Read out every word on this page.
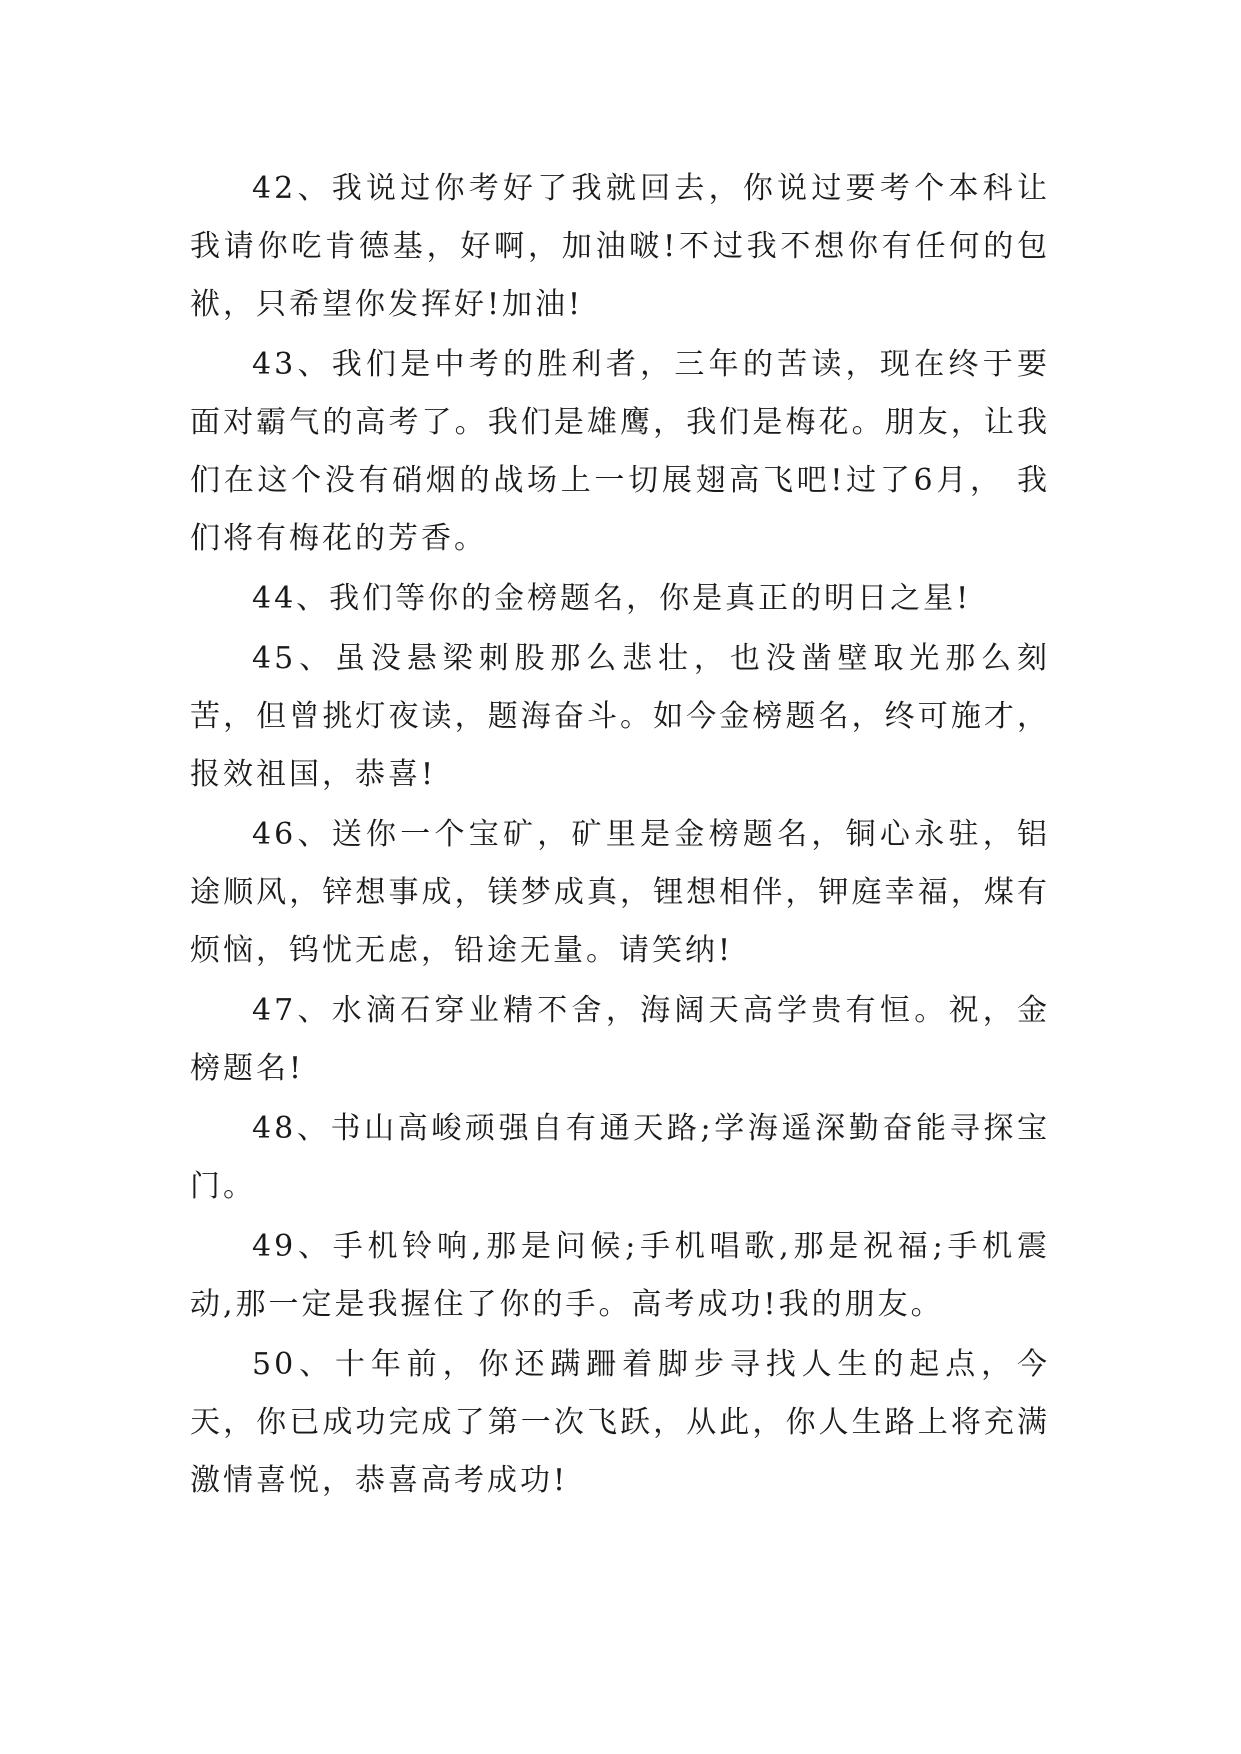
42、我说过你考好了我就回去，你说过要考个本科让我请你吃肯德基，好啊，加油啵!不过我不想你有任何的包袱，只希望你发挥好!加油!

43、我们是中考的胜利者，三年的苦读，现在终于要面对霸气的高考了。我们是雄鹰，我们是梅花。朋友，让我们在这个没有硝烟的战场上一切展翅高飞吧!过了6月， 我们将有梅花的芳香。

44、我们等你的金榜题名，你是真正的明日之星!

45、虽没悬梁刺股那么悲壮，也没凿壁取光那么刻苦，但曾挑灯夜读，题海奋斗。如今金榜题名，终可施才，报效祖国，恭喜!

46、送你一个宝矿，矿里是金榜题名，铜心永驻，铝途顺风，锌想事成，镁梦成真，锂想相伴，钾庭幸福，煤有烦恼，钨忧无虑，铅途无量。请笑纳!

47、水滴石穿业精不舍，海阔天高学贵有恒。祝，金榜题名!

48、书山高峻顽强自有通天路;学海遥深勤奋能寻探宝门。

49、手机铃响,那是问候;手机唱歌,那是祝福;手机震动,那一定是我握住了你的手。高考成功!我的朋友。

50、十年前，你还蹒跚着脚步寻找人生的起点，今天，你已成功完成了第一次飞跃，从此，你人生路上将充满激情喜悦，恭喜高考成功!
